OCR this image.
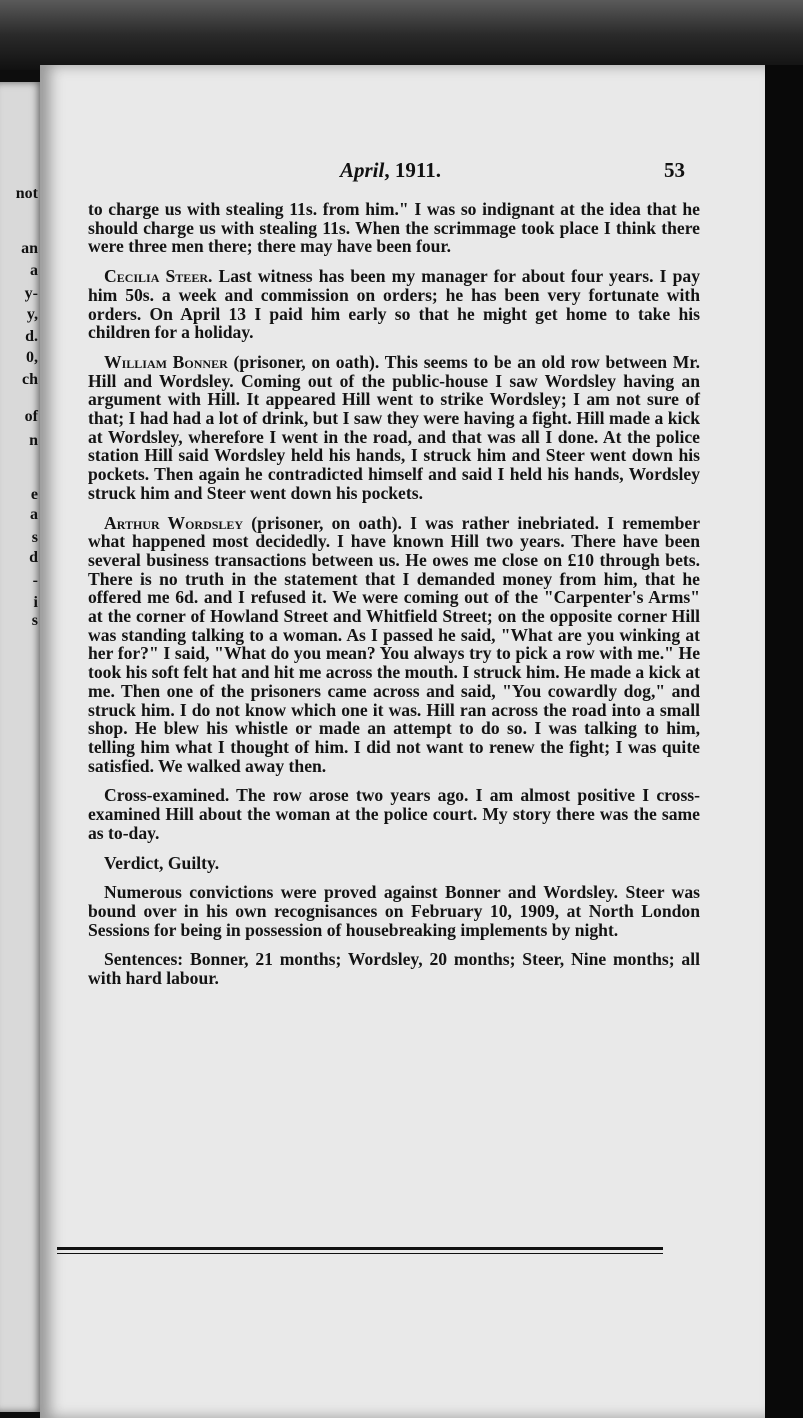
not
an
a
y-
y,
d.
0,
ch
of
n
e
a
s
d
-
i
s
April, 1911.	53

to charge us with stealing 11s. from him." I was so indignant at the idea that he should charge us with stealing 11s. When the scrimmage took place I think there were three men there; there may have been four.

Cecilia Steer. Last witness has been my manager for about four years. I pay him 50s. a week and commission on orders; he has been very fortunate with orders. On April 13 I paid him early so that he might get home to take his children for a holiday.

William Bonner (prisoner, on oath). This seems to be an old row between Mr. Hill and Wordsley. Coming out of the public-house I saw Wordsley having an argument with Hill. It appeared Hill went to strike Wordsley; I am not sure of that; I had had a lot of drink, but I saw they were having a fight. Hill made a kick at Wordsley, wherefore I went in the road, and that was all I done. At the police station Hill said Wordsley held his hands, I struck him and Steer went down his pockets. Then again he contradicted himself and said I held his hands, Wordsley struck him and Steer went down his pockets.

Arthur Wordsley (prisoner, on oath). I was rather inebriated. I remember what happened most decidedly. I have known Hill two years. There have been several business transactions between us. He owes me close on £10 through bets. There is no truth in the statement that I demanded money from him, that he offered me 6d. and I refused it. We were coming out of the "Carpenter's Arms" at the corner of Howland Street and Whitfield Street; on the opposite corner Hill was standing talking to a woman. As I passed he said, "What are you winking at her for?" I said, "What do you mean? You always try to pick a row with me." He took his soft felt hat and hit me across the mouth. I struck him. He made a kick at me. Then one of the prisoners came across and said, "You cowardly dog," and struck him. I do not know which one it was. Hill ran across the road into a small shop. He blew his whistle or made an attempt to do so. I was talking to him, telling him what I thought of him. I did not want to renew the fight; I was quite satisfied. We walked away then.

Cross-examined. The row arose two years ago. I am almost positive I cross-examined Hill about the woman at the police court. My story there was the same as to-day.

Verdict, Guilty.

Numerous convictions were proved against Bonner and Wordsley. Steer was bound over in his own recognisances on February 10, 1909, at North London Sessions for being in possession of housebreaking implements by night.

Sentences: Bonner, 21 months; Wordsley, 20 months; Steer, Nine months; all with hard labour.
